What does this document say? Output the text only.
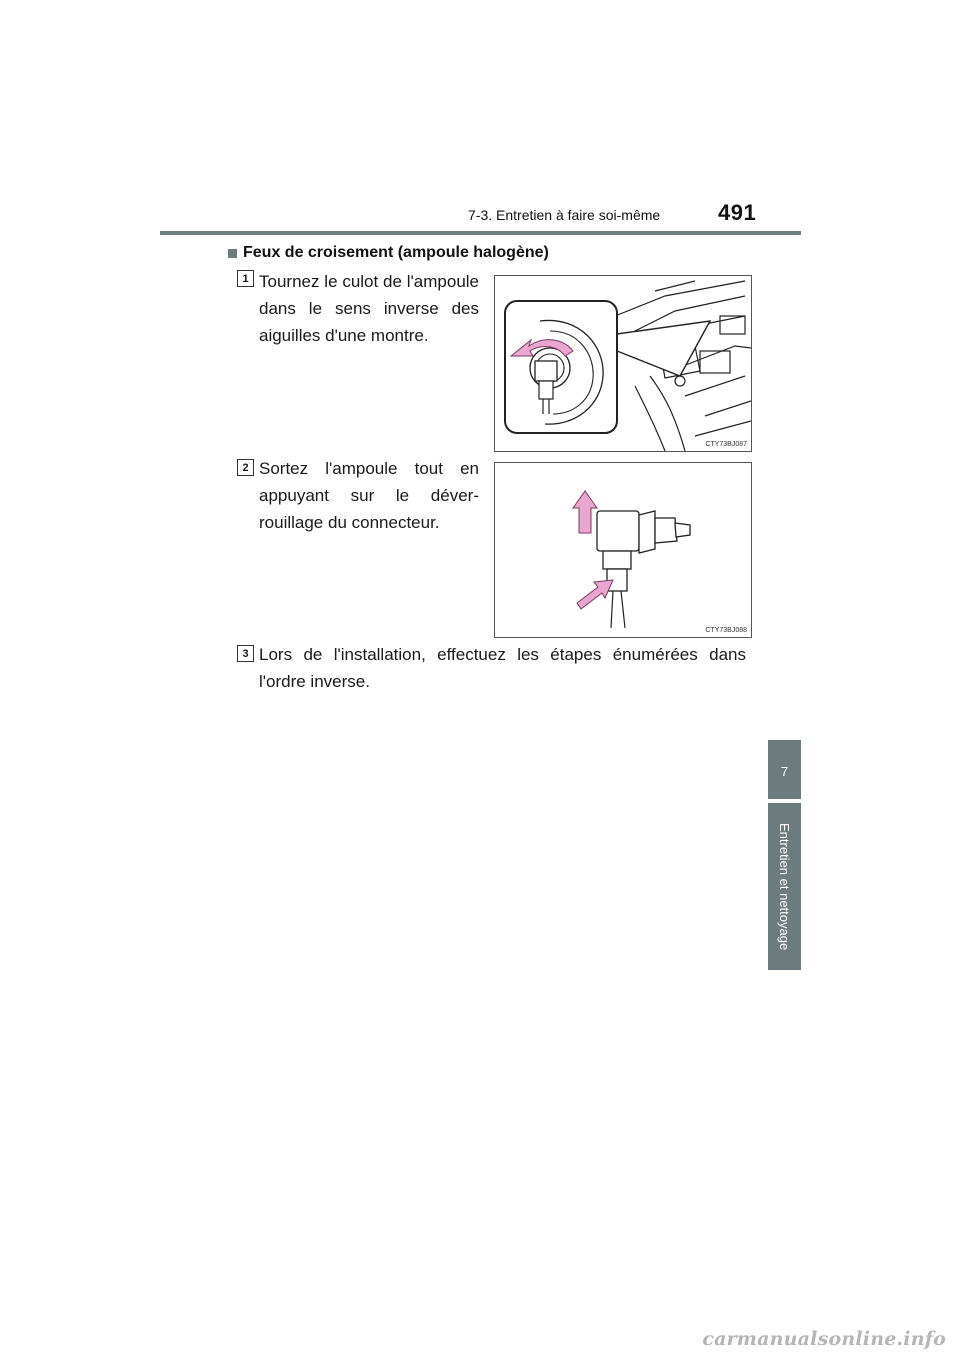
7-3. Entretien à faire soi-même	491
7
Entretien et nettoyage
Feux de croisement (ampoule halogène)
1 Tournez le culot de l'ampoule dans le sens inverse des aiguilles d'une montre.
CTY73BJ087
2 Sortez l'ampoule tout en appuyant sur le déver-rouillage du connecteur.
CTY73BJ088
3 Lors de l'installation, effectuez les étapes énumérées dans l'ordre inverse.
carmanualsonline.info
